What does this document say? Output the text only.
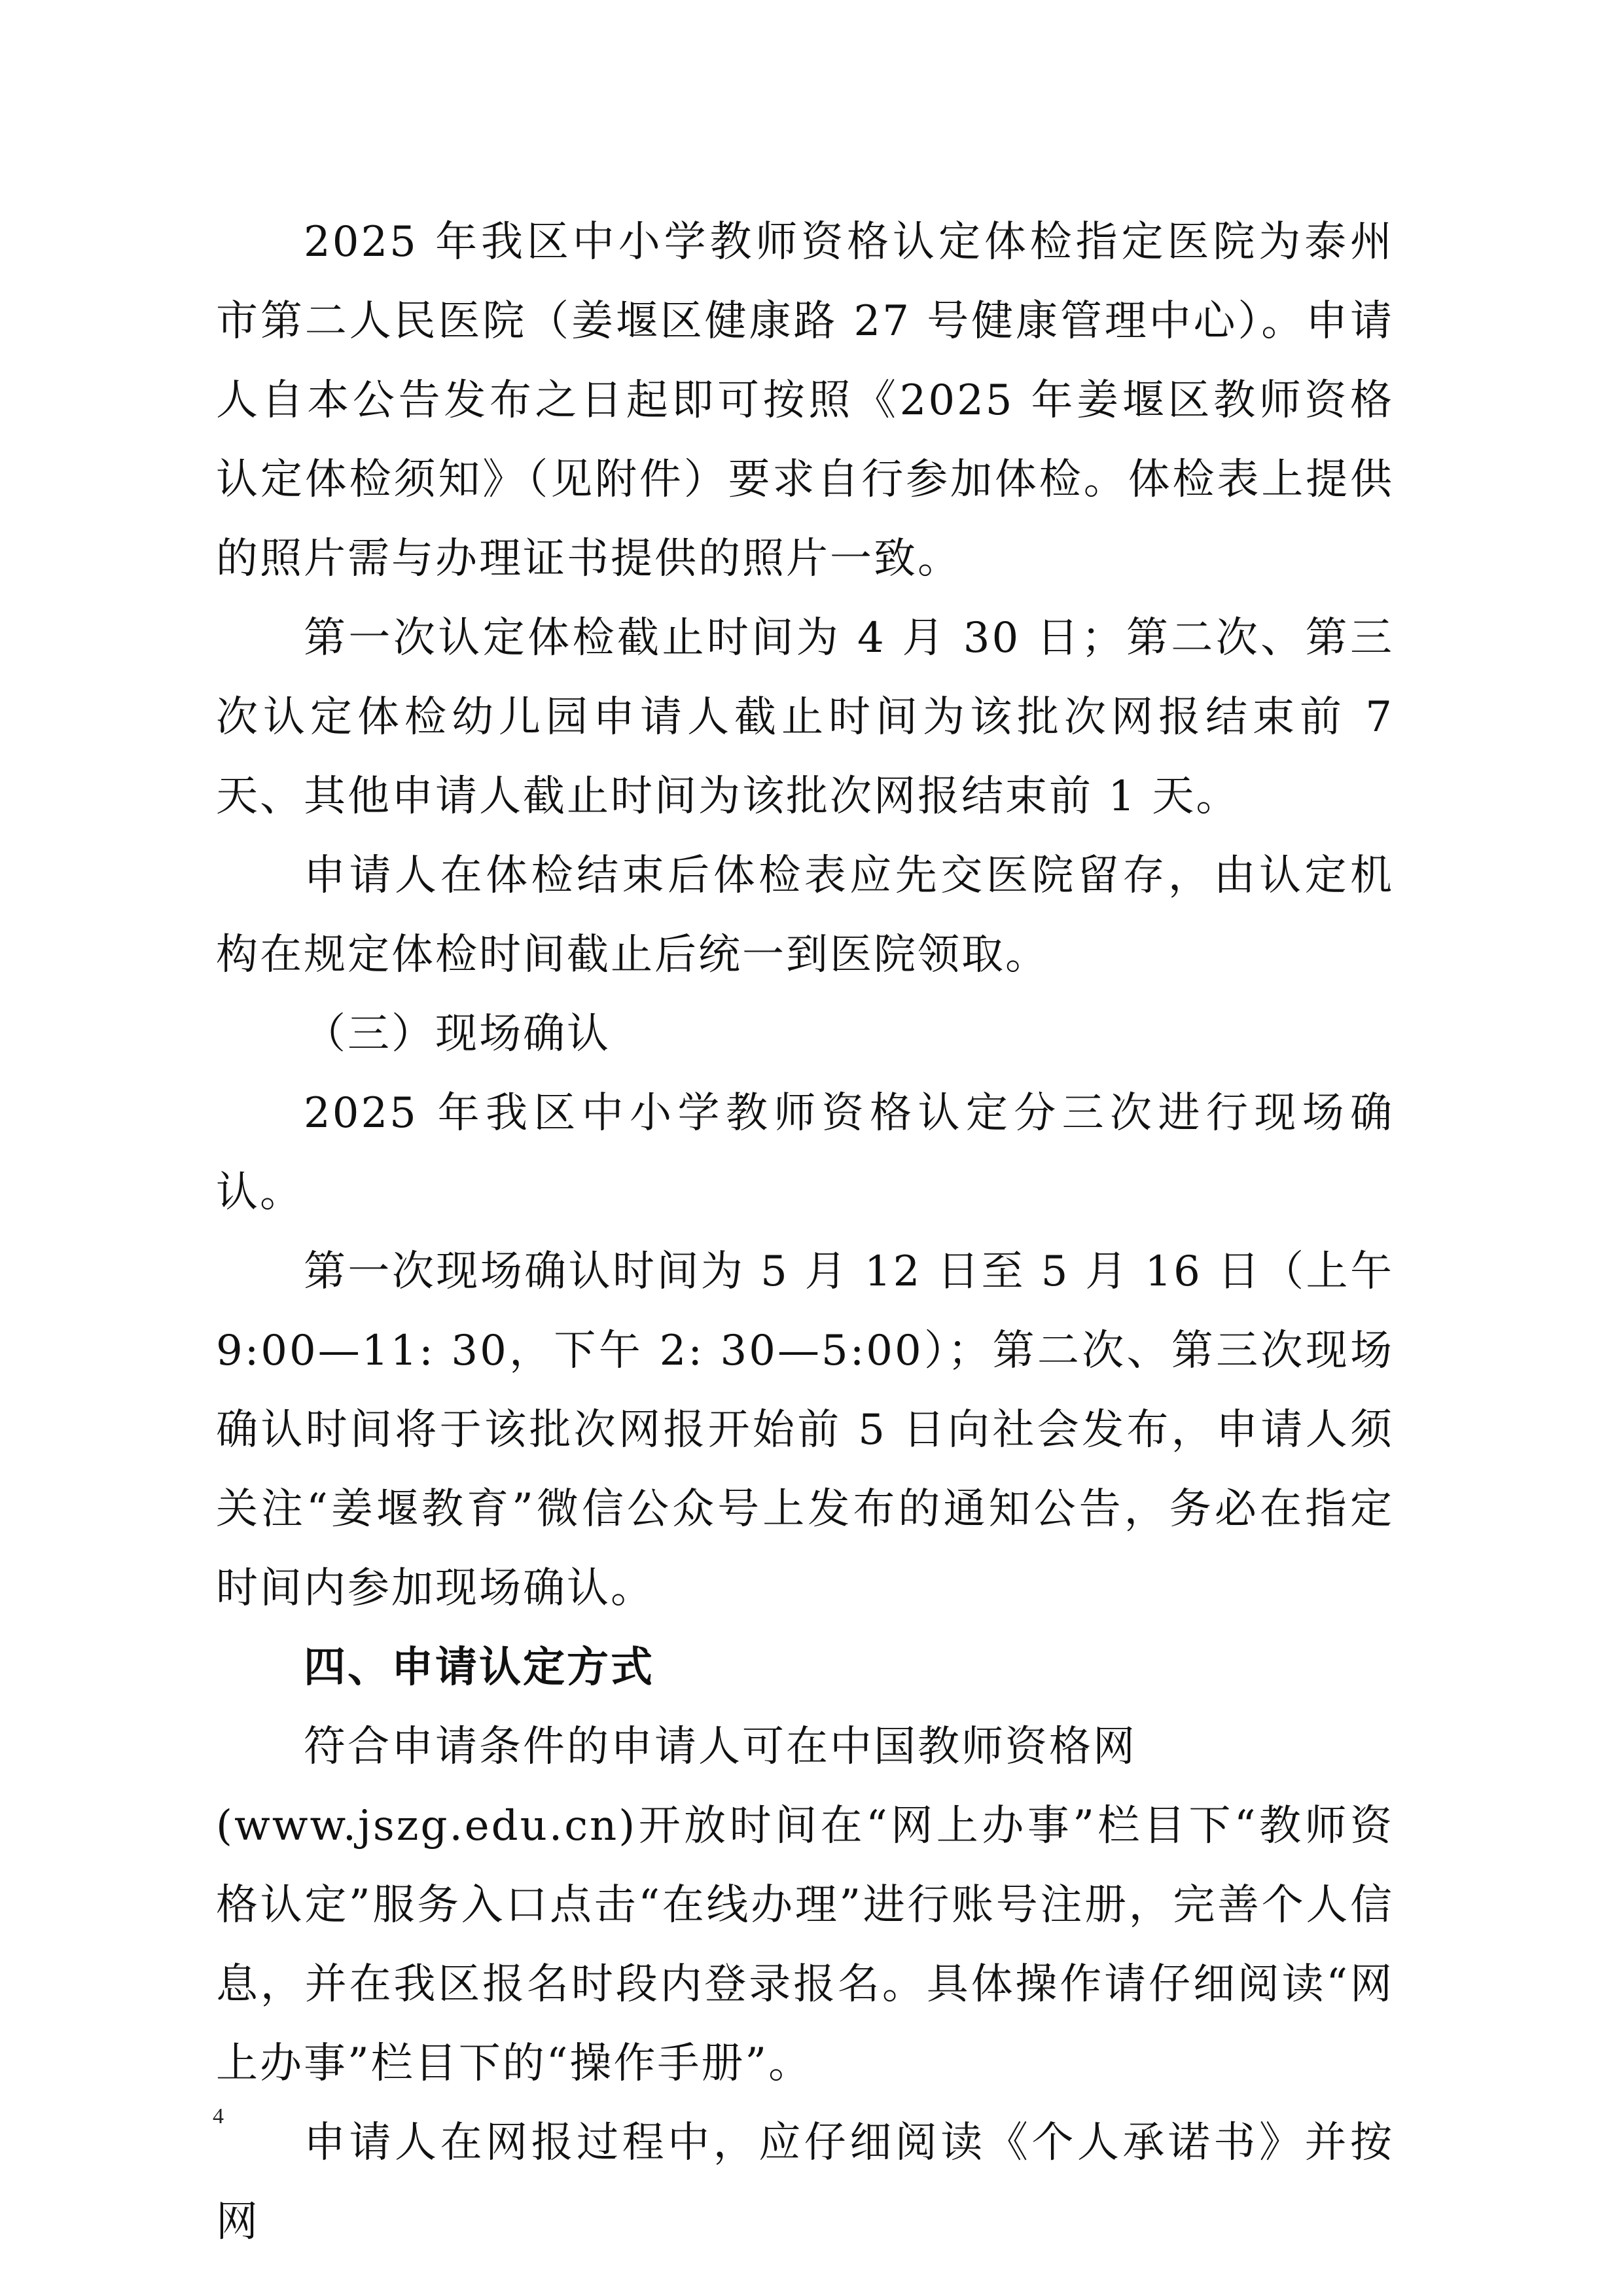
2025 年我区中小学教师资格认定体检指定医院为泰州市第二人民医院（姜堰区健康路 27 号健康管理中心）。申请人自本公告发布之日起即可按照《2025 年姜堰区教师资格认定体检须知》（见附件）要求自行参加体检。体检表上提供的照片需与办理证书提供的照片一致。

第一次认定体检截止时间为 4 月 30 日；第二次、第三次认定体检幼儿园申请人截止时间为该批次网报结束前 7 天、其他申请人截止时间为该批次网报结束前 1 天。

申请人在体检结束后体检表应先交医院留存，由认定机构在规定体检时间截止后统一到医院领取。

（三）现场确认

2025 年我区中小学教师资格认定分三次进行现场确认。

第一次现场确认时间为 5 月 12 日至 5 月 16 日（上午 9:00—11: 30，下午 2: 30—5:00）；第二次、第三次现场确认时间将于该批次网报开始前 5 日向社会发布，申请人须关注“姜堰教育”微信公众号上发布的通知公告，务必在指定时间内参加现场确认。

四、申请认定方式

符合申请条件的申请人可在中国教师资格网

(www.jszg.edu.cn)开放时间在“网上办事”栏目下“教师资格认定”服务入口点击“在线办理”进行账号注册，完善个人信息，并在我区报名时段内登录报名。具体操作请仔细阅读“网上办事”栏目下的“操作手册”。

申请人在网报过程中，应仔细阅读《个人承诺书》并按网

4
